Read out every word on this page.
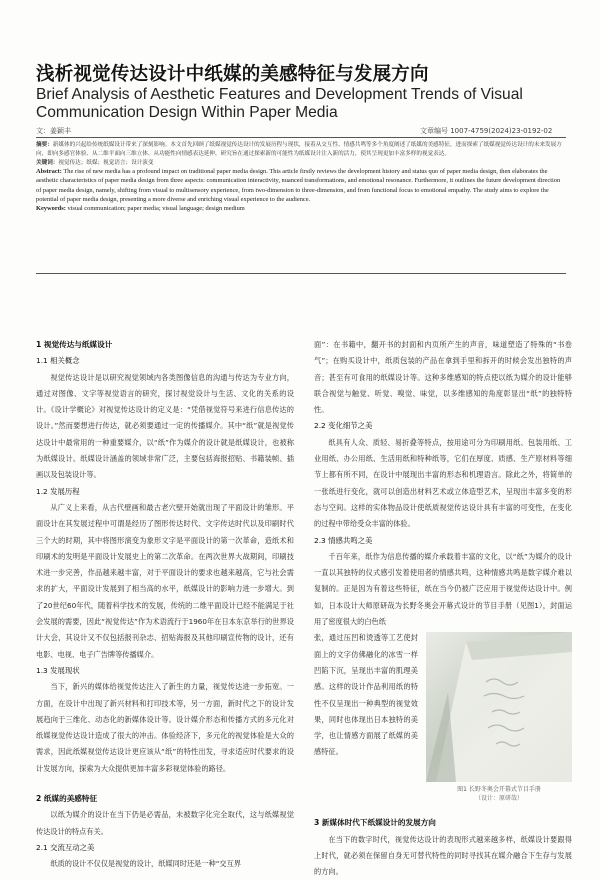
浅析视觉传达设计中纸媒的美感特征与发展方向
Brief Analysis of Aesthetic Features and Development Trends of Visual Communication Design Within Paper Media
文：姜颖丰	文章编号 1007-4759(2024)23-0192-02

摘要：新媒体的兴起给传统纸媒设计带来了深刻影响。本文首先回顾了纸媒视觉传达设计的发展历程与现状，接着从交互性、情感共鸣等多个角度阐述了纸媒的美感特征，进而探索了纸媒视觉传达设计的未来发展方向，即向多感官体验、从二维平面向三维立体、从功能性向情感表达延伸，研究旨在通过探索新的可能性为纸媒设计注入新的活力，使其呈现更加丰富多样的视觉表达。

关键词：视觉传达；纸媒；视觉语言；设计演变

Abstract: The rise of new media has a profound impact on traditional paper media design. This article firstly reviews the development history and status quo of paper media design, then elaborates the aesthetic characteristics of paper media design from three aspects: communication interactivity, nuanced transformations, and emotional resonance. Furthermore, it outlines the future development direction of paper media design, namely, shifting from visual to multisensory experience, from two-dimension to three-dimension, and from functional focus to emotional empathy. The study aims to explore the potential of paper media design, presenting a more diverse and enriching visual experience to the audience.

Keywords: visual communication; paper media; visual language; design medium

1 视觉传达与纸媒设计
1.1 相关概念

视觉传达设计是以研究视觉领域内各类图像信息的沟通与传达为专业方向，通过对图像、文字等视觉语言的研究，探讨视觉设计与生活、文化的关系的设计。《设计学概论》对视觉传达设计的定义是：“凭借视觉符号来进行信息传达的设计。”然而要想进行传达，就必须要通过一定的传播媒介。其中“纸”就是视觉传达设计中最常用的一种重要媒介，以“纸”作为媒介的设计就是纸媒设计，也被称为纸媒设计。纸媒设计涵盖的领域非常广泛，主要包括海报招贴、书籍装帧、插画以及包装设计等。

1.2 发展历程

从广义上来看，从古代壁画和最古老穴壁开始就出现了平面设计的雏形。平面设计在其发展过程中可谓是经历了图形传达时代、文字传达时代以及印刷时代三个大的时期，其中将图形演变为象形文字是平面设计的第一次革命，造纸术和印刷术的发明是平面设计发展史上的第二次革命。在两次世界大战期间，印刷技术进一步完善，作品越来越丰富，对于平面设计的要求也越来越高，它与社会需求的扩大，平面设计发展到了相当高的水平，纸媒设计的影响力进一步增大。到了20世纪60年代，随着科学技术的发展，传统的二维平面设计已经不能满足于社会发展的需要，因此“视觉传达”作为术语流行于1960年在日本东京举行的世界设计大会，其设计又不仅包括报刊杂志、招贴海报及其他印刷宣传物的设计，还有电影、电视、电子广告牌等传播媒介。

1.3 发展现状

当下，新兴的媒体给视觉传达注入了新生的力量，视觉传达进一步拓宽。一方面，在设计中出现了新兴材料和打印技术等，另一方面，新时代之下的设计发展趋向于三维化、动态化的新媒体设计等。设计媒介形态和传播方式的多元化对纸媒视觉传达设计造成了很大的冲击。体验经济下，多元化的视觉体验是大众的需求，因此纸媒视觉传达设计更应该从“纸”的特性出发，寻求适应时代要求的设计发展方向，探索为大众提供更加丰富多彩视觉体验的路径。

2 纸媒的美感特征

以纸为媒介的设计在当下仍是必需品，未被数字化完全取代，这与纸媒视觉传达设计的特点有关。

2.1 交流互动之美

纸质的设计不仅仅是视觉的设计，纸媒同时还是一种“交互界

面”：在书籍中，翻开书的封面和内页所产生的声音，味道塑造了特殊的“书卷气”；在购买设计中，纸质包装的产品在拿到手里和拆开的时候会发出独特的声音；甚至有可食用的纸媒设计等。这种多维感知的特点使以纸为媒介的设计能够联合视觉与触觉、听觉、嗅觉、味觉，以多维感知的角度彰显出“纸”的独特特性。

2.2 变化细节之美

纸具有人众、质轻、易折叠等特点，按用途可分为印刷用纸、包装用纸、工业用纸、办公用纸、生活用纸和特种纸等，它们在厚度、质感、生产原材料等细节上都有所不同，在设计中展现出丰富的形态和机理语言。除此之外，将简单的一张纸进行变化，就可以创造出材料艺术或立体造型艺术，呈现出丰富多变的形态与空间。这样的实体物品设计使纸质视觉传达设计具有丰富的可变性，在变化的过程中带给受众丰富的体验。

2.3 情感共鸣之美

千百年来，纸作为信息传播的媒介承载着丰富的文化，以“纸”为媒介的设计一直以其独特的仪式感引发着使用者的情感共鸣，这种情感共鸣是数字媒介难以复制的。正是因为有着这些特征，纸在当今仍被广泛应用于视觉传达设计中。例如，日本设计大师原研哉为长野冬奥会开幕式设计的节目手册（见图1），封面运用了密度很大的白色纸

图1 长野冬奥会开幕式节目手册
（设计：原研哉）

张，通过压凹和烫透等工艺使封面上的文字仿佛融化的冰雪一样凹陷下沉，呈现出丰富的肌理美感。这样的设计作品利用纸的特性不仅呈现出一种典型的视觉效果，同时也体现出日本独特的美学，也让情感方面展了纸媒的美感特征。

3 新媒体时代下纸媒设计的发展方向

在当下的数字时代，视觉传达设计的表现形式越来越多样，纸媒设计要跟得上时代，就必须在保留自身无可替代特性的同时寻找其在媒介融合下生存与发展的方向。
